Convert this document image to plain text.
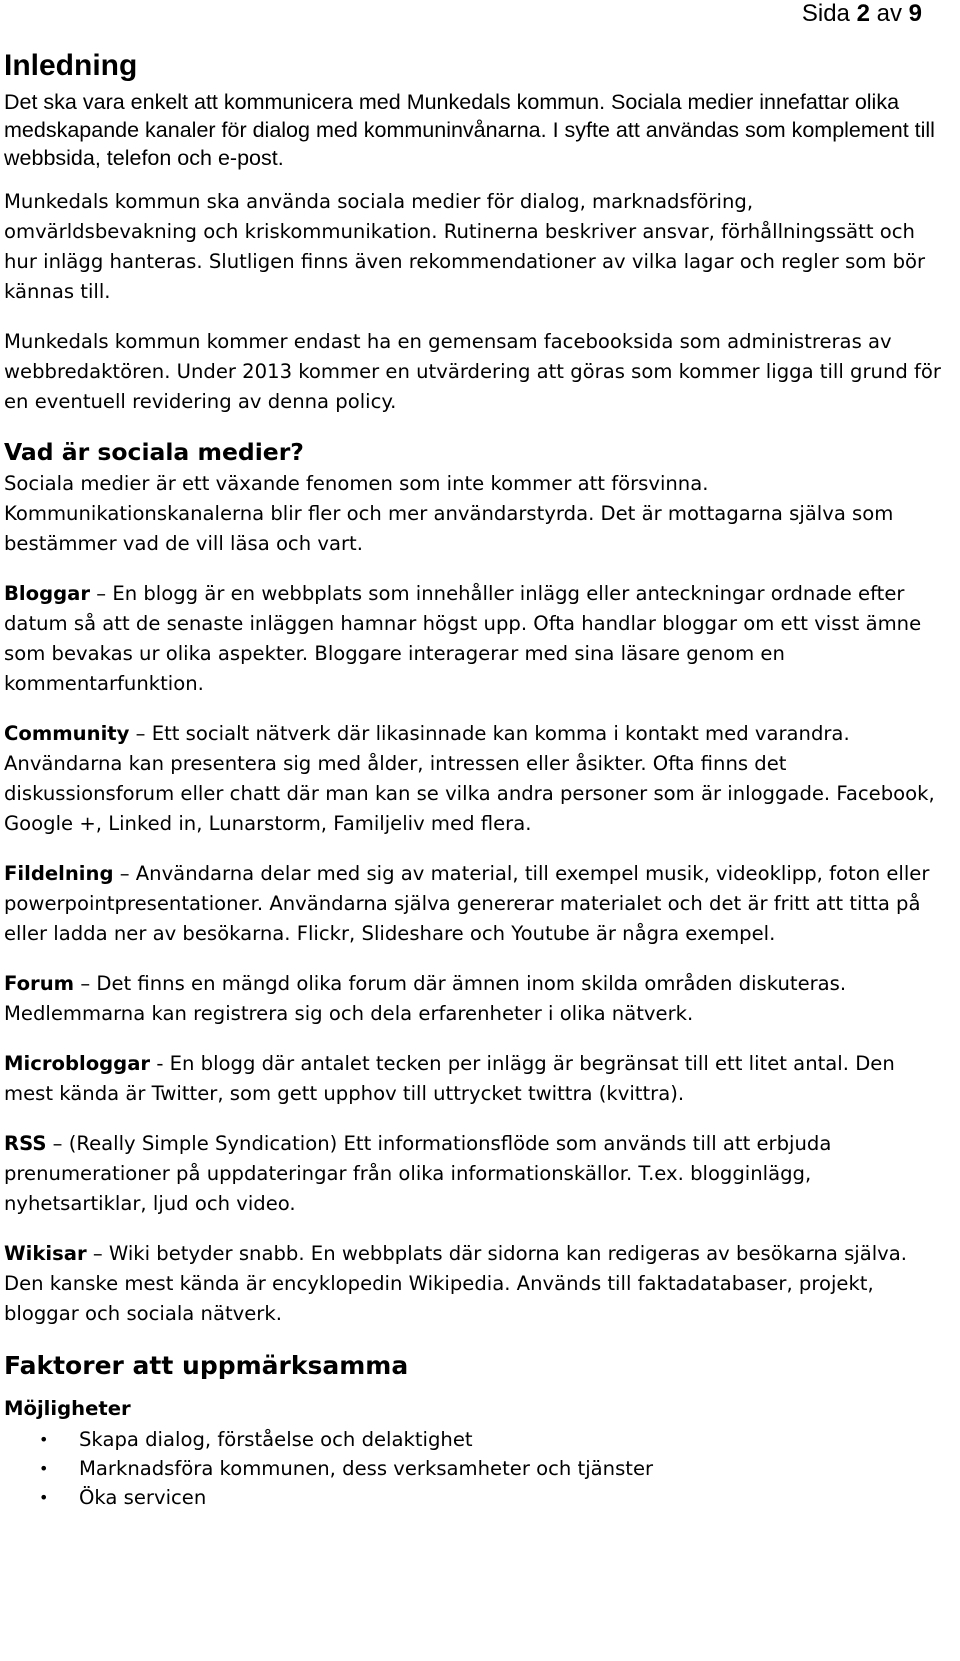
Sida 2 av 9
Inledning

Det ska vara enkelt att kommunicera med Munkedals kommun. Sociala medier innefattar olika medskapande kanaler för dialog med kommuninvånarna. I syfte att användas som komplement till webbsida, telefon och e-post.

Munkedals kommun ska använda sociala medier för dialog, marknadsföring, omvärldsbevakning och kriskommunikation. Rutinerna beskriver ansvar, förhållningssätt och hur inlägg hanteras. Slutligen finns även rekommendationer av vilka lagar och regler som bör kännas till.

Munkedals kommun kommer endast ha en gemensam facebooksida som administreras av webbredaktören. Under 2013 kommer en utvärdering att göras som kommer ligga till grund för en eventuell revidering av denna policy.

Vad är sociala medier?

Sociala medier är ett växande fenomen som inte kommer att försvinna. Kommunikationskanalerna blir fler och mer användarstyrda. Det är mottagarna själva som bestämmer vad de vill läsa och vart.

Bloggar – En blogg är en webbplats som innehåller inlägg eller anteckningar ordnade efter datum så att de senaste inläggen hamnar högst upp. Ofta handlar bloggar om ett visst ämne som bevakas ur olika aspekter. Bloggare interagerar med sina läsare genom en kommentarfunktion.

Community – Ett socialt nätverk där likasinnade kan komma i kontakt med varandra. Användarna kan presentera sig med ålder, intressen eller åsikter. Ofta finns det diskussionsforum eller chatt där man kan se vilka andra personer som är inloggade. Facebook, Google +, Linked in, Lunarstorm, Familjeliv med flera.

Fildelning – Användarna delar med sig av material, till exempel musik, videoklipp, foton eller powerpointpresentationer. Användarna själva genererar materialet och det är fritt att titta på eller ladda ner av besökarna. Flickr, Slideshare och Youtube är några exempel.

Forum – Det finns en mängd olika forum där ämnen inom skilda områden diskuteras. Medlemmarna kan registrera sig och dela erfarenheter i olika nätverk.

Microbloggar - En blogg där antalet tecken per inlägg är begränsat till ett litet antal. Den mest kända är Twitter, som gett upphov till uttrycket twittra (kvittra).

RSS – (Really Simple Syndication) Ett informationsflöde som används till att erbjuda prenumerationer på uppdateringar från olika informationskällor. T.ex. blogginlägg, nyhetsartiklar, ljud och video.

Wikisar – Wiki betyder snabb. En webbplats där sidorna kan redigeras av besökarna själva. Den kanske mest kända är encyklopedin Wikipedia. Används till faktadatabaser, projekt, bloggar och sociala nätverk.

Faktorer att uppmärksamma
Möjligheter
• Skapa dialog, förståelse och delaktighet
• Marknadsföra kommunen, dess verksamheter och tjänster
• Öka servicen
